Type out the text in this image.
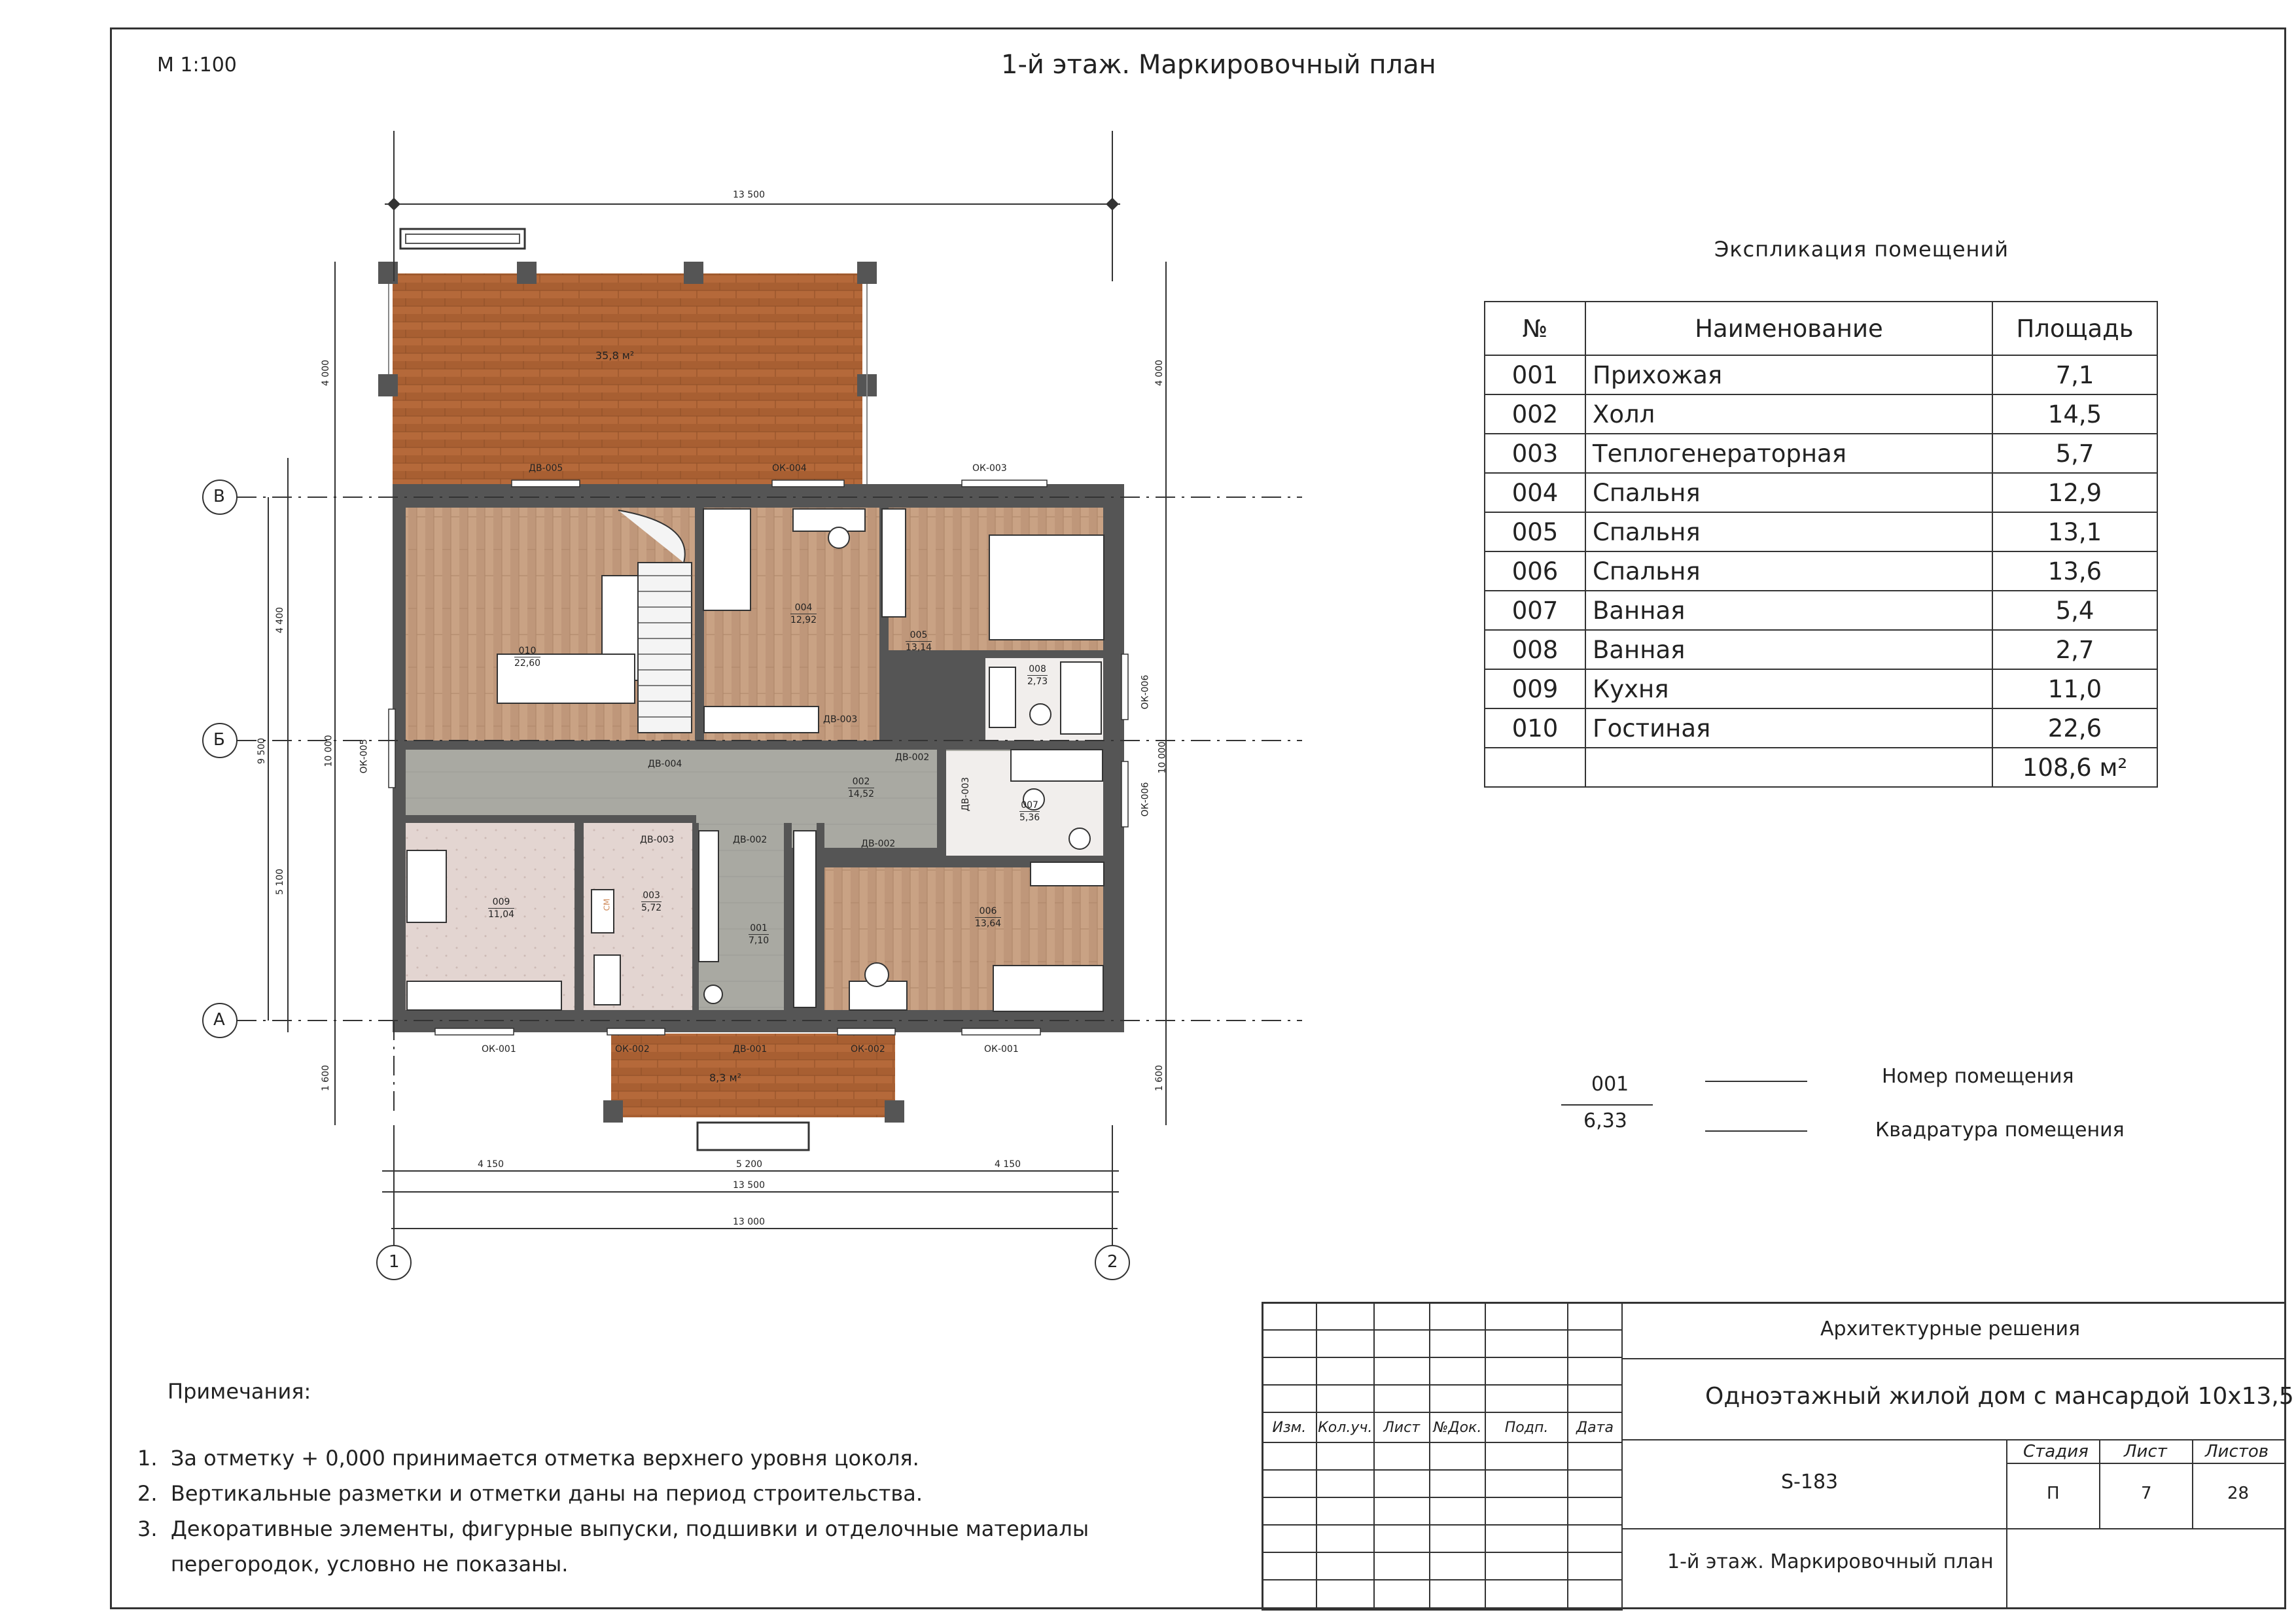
М 1:100	1-й этаж. Маркировочный план
В
Б
А
1	2
13 500
4 150	5 200	4 150
13 500
13 000
9 500	10 000
4 400
5 100
4 000
1 600
4 000
10 000
1 600
35,8 м²
8,3 м²
ДВ-005	ОК-004	ОК-003
ОК-005
ОК-006
ОК-006
ДВ-003
ДВ-004
ДВ-002
ДВ-003
ДВ-003	ДВ-002	ДВ-002
ОК-001	ОК-002	ДВ-001	ОК-002	ОК-001
010
22,60
004
12,92
005
13,14
008
2,73
002
14,52
007
5,36
009
11,04
003
5,72
001
7,10
006
13,64
СМ
Экспликация помещений
№	Наименование	Площадь
001	Прихожая	7,1
002	Холл	14,5
003	Теплогенераторная	5,7
004	Спальня	12,9
005	Спальня	13,1
006	Спальня	13,6
007	Ванная	5,4
008	Ванная	2,7
009	Кухня	11,0
010	Гостиная	22,6
		108,6 м²
001
6,33
Номер помещения
Квадратура помещения
Примечания:
1.  За отметку + 0,000 принимается отметка верхнего уровня цоколя.
2.  Вертикальные разметки и отметки даны на период строительства.
3.  Декоративные элементы, фигурные выпуски, подшивки и отделочные материалы
перегородок, условно не показаны.

Изм.	Кол.уч.	Лист	№Док.	Подп.	Дата

Архитектурные решения
Одноэтажный жилой дом с мансардой 10х13,5
S-183
1-й этаж. Маркировочный план
Стадия Лист Листов
П	7	28
